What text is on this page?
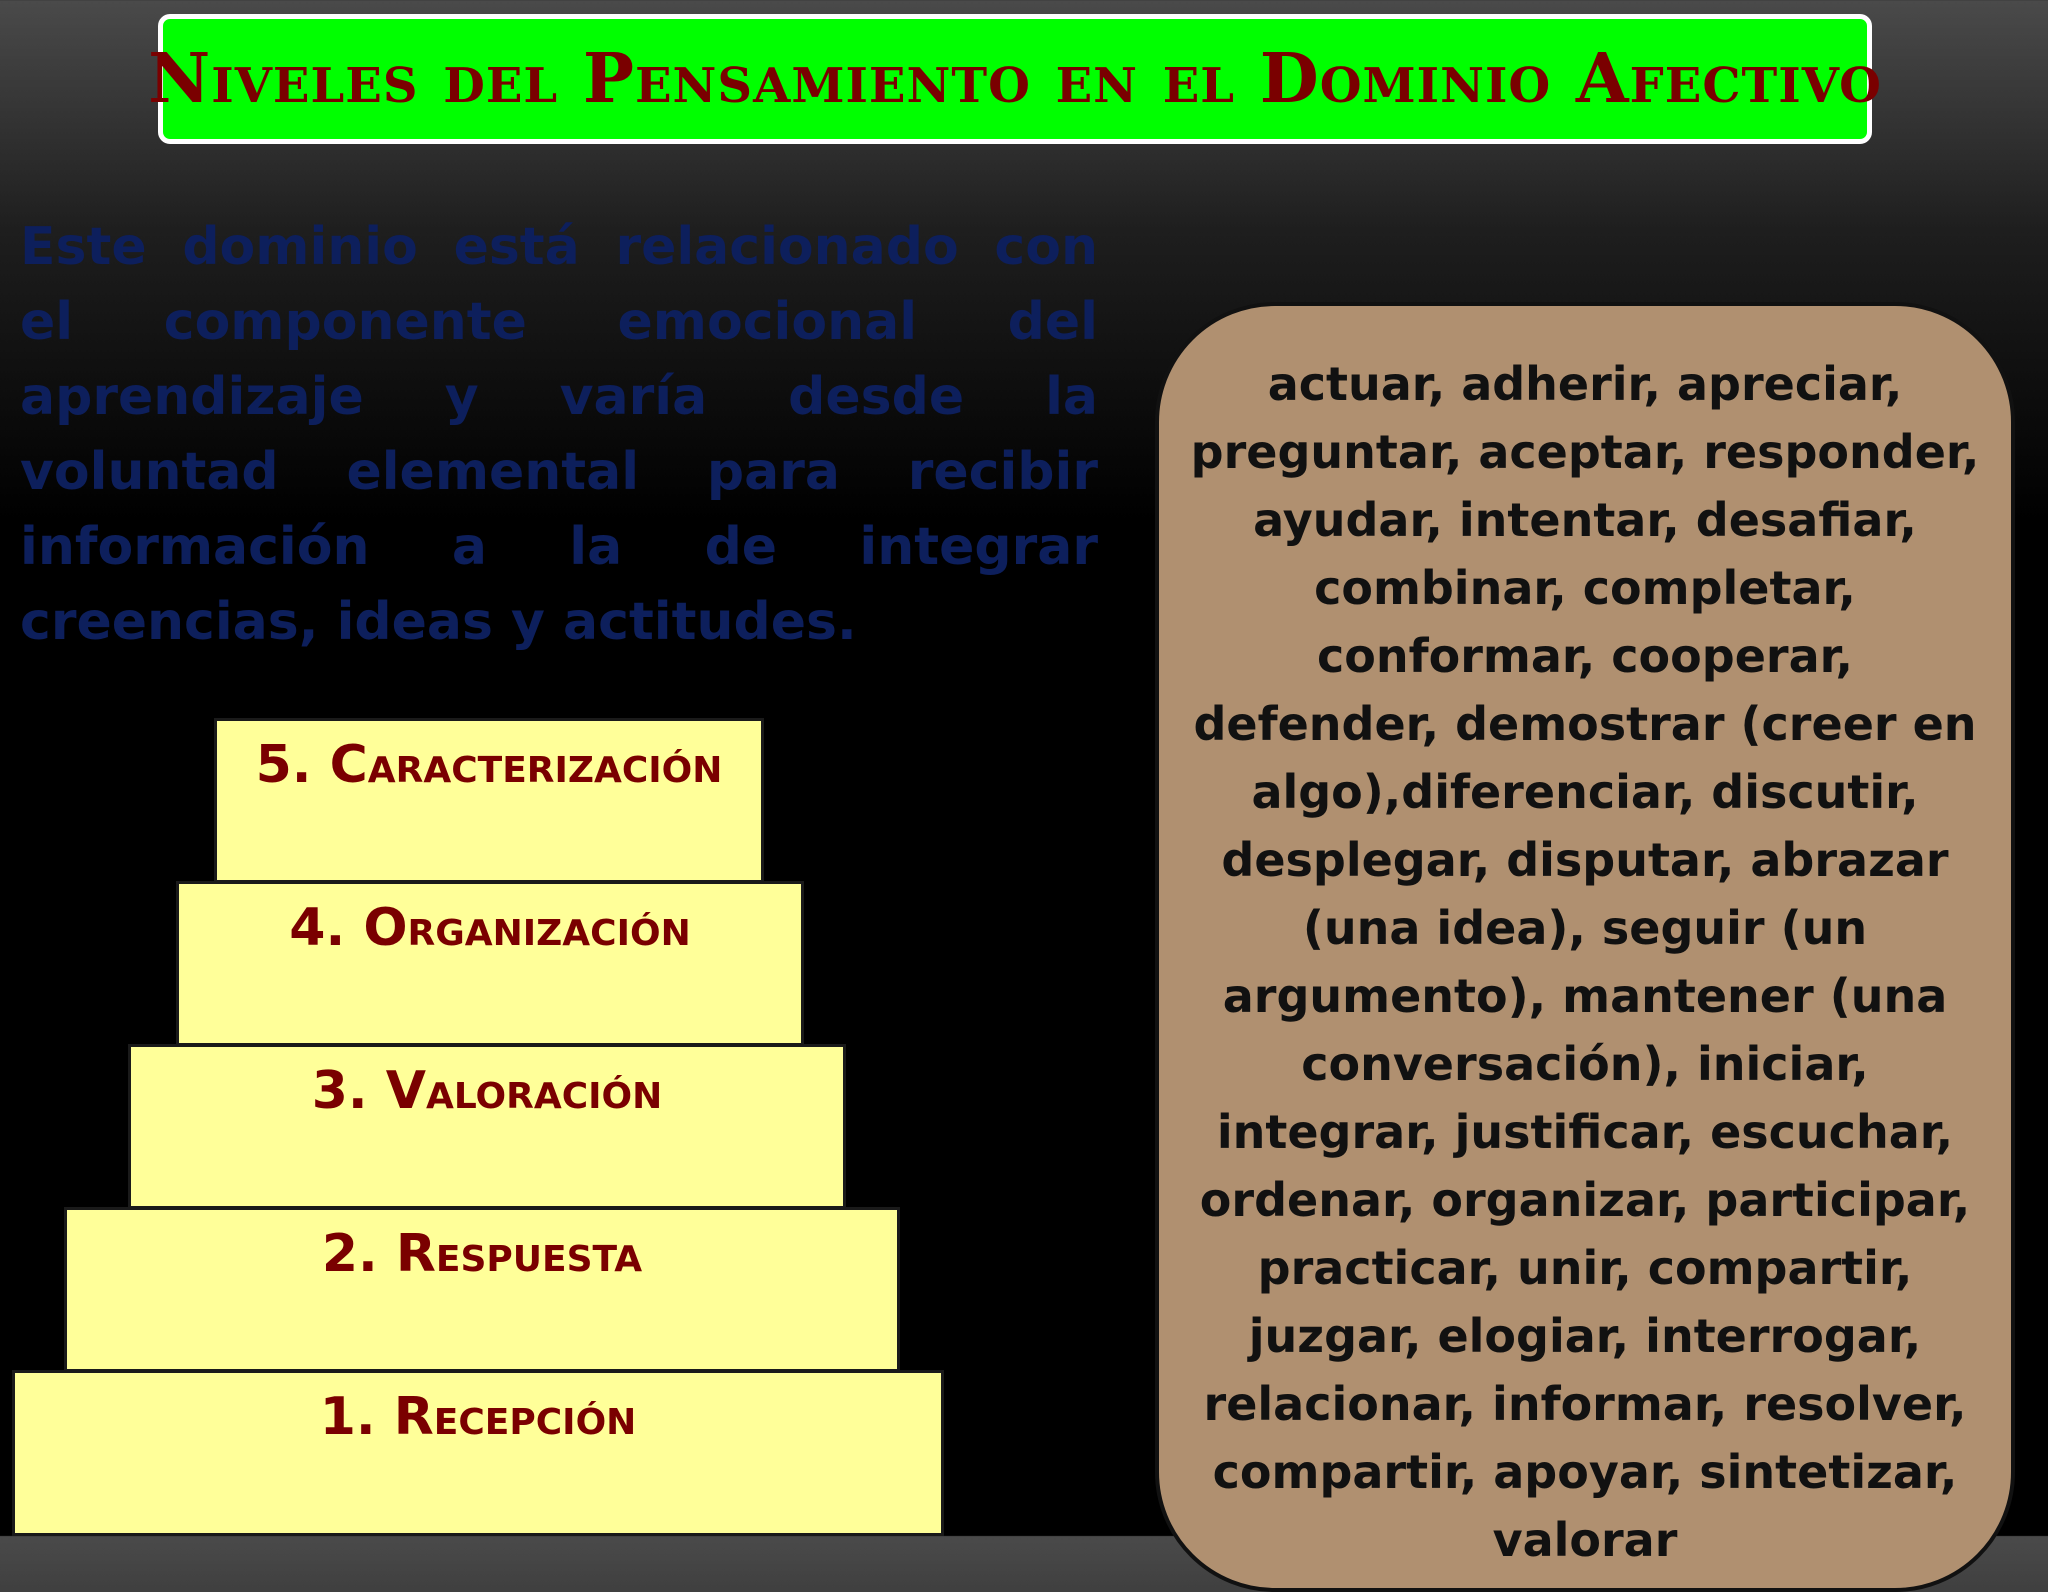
Niveles del Pensamiento en el Dominio Afectivo

Este dominio está relacionado con el componente emocional del aprendizaje y varía desde la voluntad elemental para recibir información a la de integrar creencias, ideas y actitudes.

5. Caracterización
4. Organización
3. Valoración
2. Respuesta
1. Recepción

actuar, adherir, apreciar, preguntar, aceptar, responder, ayudar, intentar, desafiar, combinar, completar, conformar, cooperar, defender, demostrar (creer en algo),diferenciar, discutir, desplegar, disputar, abrazar (una idea), seguir (un argumento), mantener (una conversación), iniciar, integrar, justificar, escuchar, ordenar, organizar, participar, practicar, unir, compartir, juzgar, elogiar, interrogar, relacionar, informar, resolver, compartir, apoyar, sintetizar, valorar
